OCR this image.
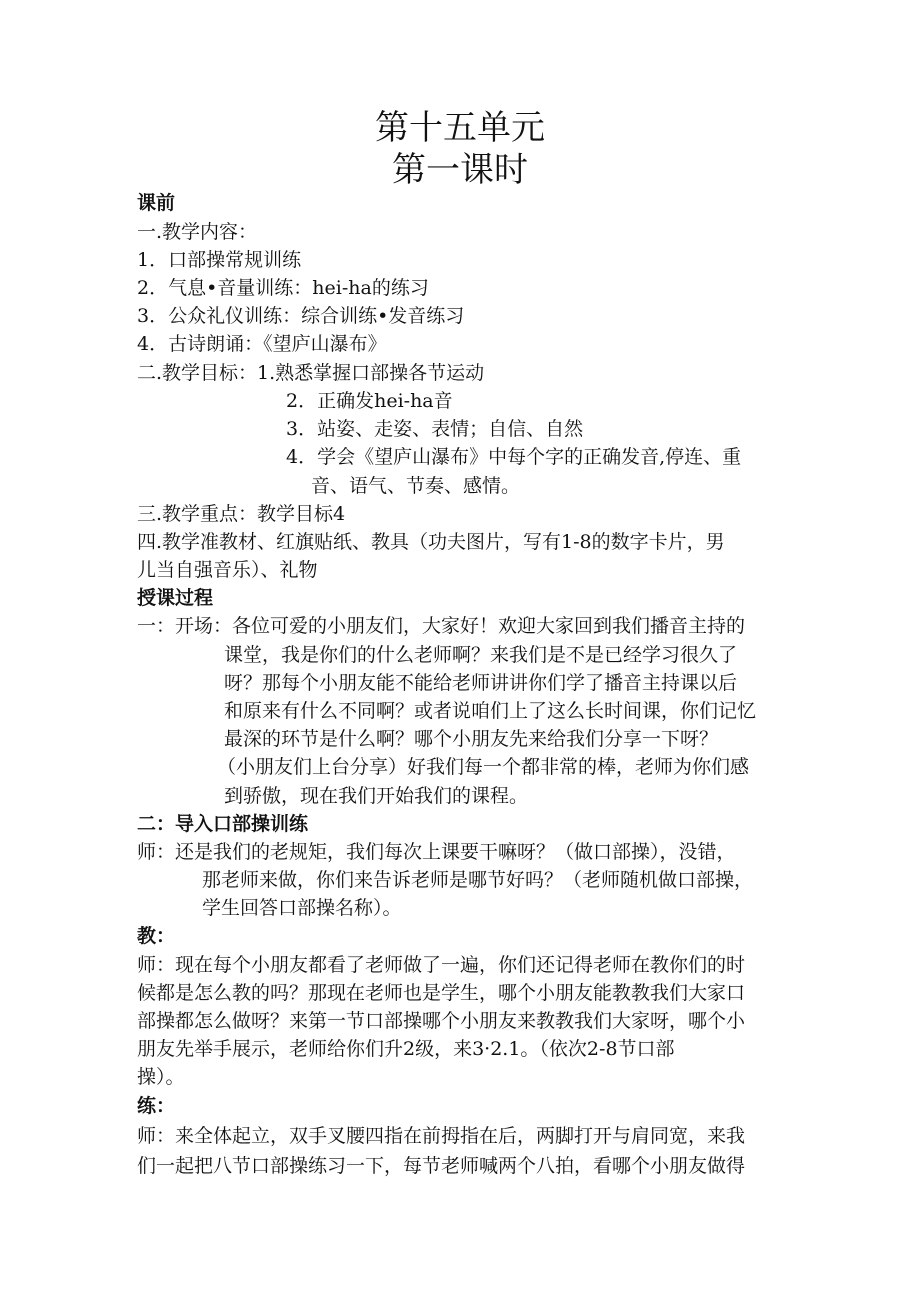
第十五单元
第一课时
课前
一.教学内容：
1．口部操常规训练
2．气息•音量训练：hei-ha的练习
3．公众礼仪训练：综合训练•发音练习
4．古诗朗诵：《望庐山瀑布》
二.教学目标：1.熟悉掌握口部操各节运动
2．正确发hei-ha音
3．站姿、走姿、表情；自信、自然
4．学会《望庐山瀑布》中每个字的正确发音,停连、重
音、语气、节奏、感情。
三.教学重点：教学目标4
四.教学准教材、红旗贴纸、教具（功夫图片，写有1-8的数字卡片，男
儿当自强音乐）、礼物
授课过程
一：开场：各位可爱的小朋友们，大家好！欢迎大家回到我们播音主持的
课堂，我是你们的什么老师啊？来我们是不是已经学习很久了
呀？那每个小朋友能不能给老师讲讲你们学了播音主持课以后
和原来有什么不同啊？或者说咱们上了这么长时间课，你们记忆
最深的环节是什么啊？哪个小朋友先来给我们分享一下呀？
（小朋友们上台分享）好我们每一个都非常的棒，老师为你们感
到骄傲，现在我们开始我们的课程。
二：导入口部操训练
师：还是我们的老规矩，我们每次上课要干嘛呀？（做口部操），没错，
那老师来做，你们来告诉老师是哪节好吗？（老师随机做口部操，
学生回答口部操名称）。
教：
师：现在每个小朋友都看了老师做了一遍，你们还记得老师在教你们的时
候都是怎么教的吗？那现在老师也是学生，哪个小朋友能教教我们大家口
部操都怎么做呀？来第一节口部操哪个小朋友来教教我们大家呀，哪个小
朋友先举手展示，老师给你们升2级，来3·2.1。（依次2-8节口部
操）。
练：
师：来全体起立，双手叉腰四指在前拇指在后，两脚打开与肩同宽，来我
们一起把八节口部操练习一下，每节老师喊两个八拍，看哪个小朋友做得
